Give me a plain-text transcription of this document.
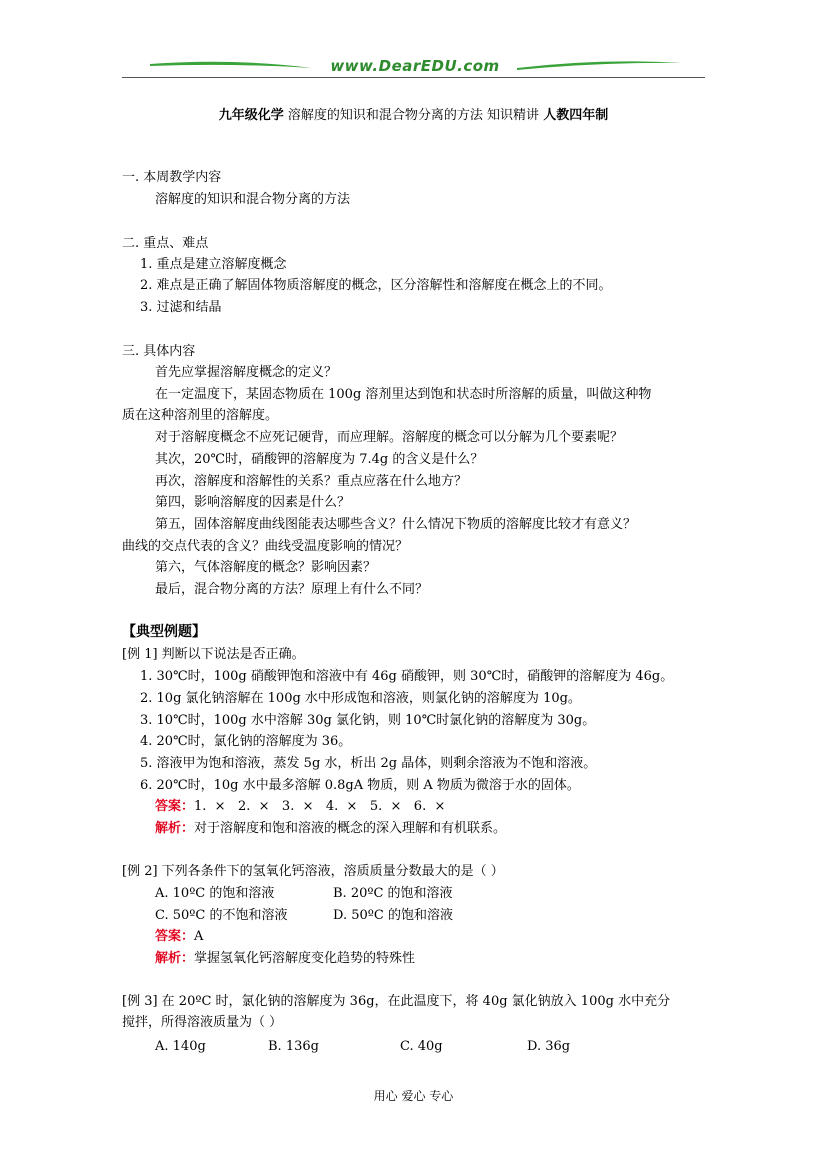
www.DearEDU.com
九年级化学 溶解度的知识和混合物分离的方法 知识精讲 人教四年制
一. 本周教学内容
溶解度的知识和混合物分离的方法
二. 重点、难点
1. 重点是建立溶解度概念
2. 难点是正确了解固体物质溶解度的概念，区分溶解性和溶解度在概念上的不同。
3. 过滤和结晶
三. 具体内容
首先应掌握溶解度概念的定义？
在一定温度下，某固态物质在 100g 溶剂里达到饱和状态时所溶解的质量，叫做这种物
质在这种溶剂里的溶解度。
对于溶解度概念不应死记硬背，而应理解。溶解度的概念可以分解为几个要素呢？
其次，20℃时，硝酸钾的溶解度为 7.4g 的含义是什么？
再次，溶解度和溶解性的关系？重点应落在什么地方？
第四，影响溶解度的因素是什么？
第五，固体溶解度曲线图能表达哪些含义？什么情况下物质的溶解度比较才有意义？
曲线的交点代表的含义？曲线受温度影响的情况？
第六，气体溶解度的概念？影响因素？
最后，混合物分离的方法？原理上有什么不同？
【典型例题】
[例 1] 判断以下说法是否正确。
1. 30℃时，100g 硝酸钾饱和溶液中有 46g 硝酸钾，则 30℃时，硝酸钾的溶解度为 46g。
2. 10g 氯化钠溶解在 100g 水中形成饱和溶液，则氯化钠的溶解度为 10g。
3. 10℃时，100g 水中溶解 30g 氯化钠，则 10℃时氯化钠的溶解度为 30g。
4. 20℃时，氯化钠的溶解度为 36。
5. 溶液甲为饱和溶液，蒸发 5g 水，析出 2g 晶体，则剩余溶液为不饱和溶液。
6. 20℃时，10g 水中最多溶解 0.8gA 物质，则 A 物质为微溶于水的固体。
答案：1.  ×   2.  ×   3.  ×   4.  ×   5.  ×   6.  ×
解析：对于溶解度和饱和溶液的概念的深入理解和有机联系。
[例 2] 下列各条件下的氢氧化钙溶液，溶质质量分数最大的是（ ）
A. 10ºC 的饱和溶液	B. 20ºC 的饱和溶液
C. 50ºC 的不饱和溶液	D. 50ºC 的饱和溶液
答案：A
解析：掌握氢氧化钙溶解度变化趋势的特殊性
[例 3] 在 20ºC 时，氯化钠的溶解度为 36g，在此温度下，将 40g 氯化钠放入 100g 水中充分
搅拌，所得溶液质量为（ ）
A. 140g	B. 136g	C. 40g	D. 36g
用心 爱心 专心
